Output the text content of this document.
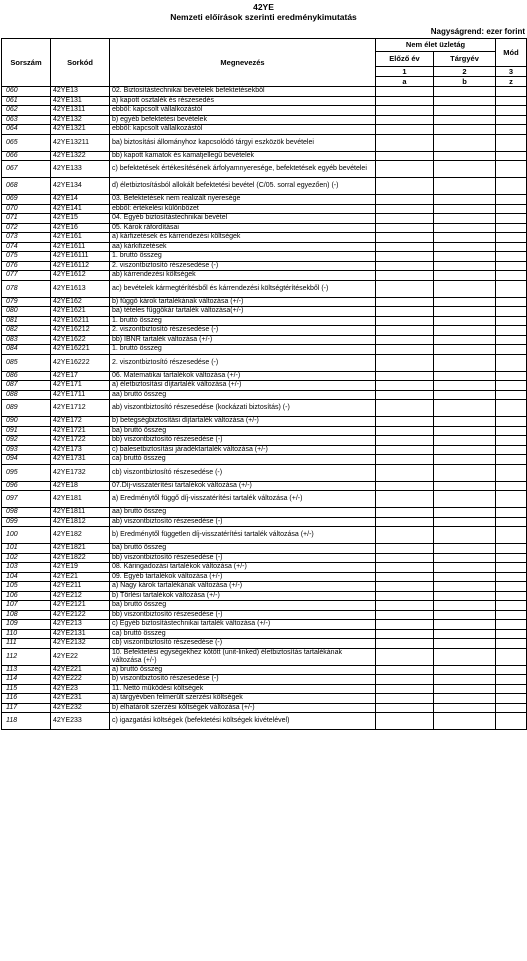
42YE
Nemzeti előírások szerinti eredménykimutatás
Nagyságrend: ezer forint
Sorszám	Sorkód	Megnevezés	Nem élet üzletág		Mód
			Előző év	Tárgyév	
			1	2	3
			a	b	z
060	42YE13	02. Biztosítástechnikai bevételek befektetésekből			
061	42YE131	a) kapott osztalék és részesedés			
062	42YE1311	ebből: kapcsolt vállalkozástól			
063	42YE132	b) egyéb befektetési bevételek			
064	42YE1321	ebből: kapcsolt vállalkozástól			
065	42YE13211	ba) biztosítási állományhoz kapcsolódó tárgyi eszközök bevételei			
066	42YE1322	bb) kapott kamatok és kamatjellegű bevételek			
067	42YE133	c) befektetések értékesítésének árfolyamnyeresége, befektetések egyéb bevételei			
068	42YE134	d) életbiztosításból allokált befektetési bevétel (C/05. sorral egyezően) (-)			
069	42YE14	03. Befektetések nem realizált nyeresége			
070	42YE141	ebből: értékelési különbözet			
071	42YE15	04. Egyéb biztosítástechnikai bevétel			
072	42YE16	05. Károk ráfordításai			
073	42YE161	a) kárfizetések és kárrendezési költségek			
074	42YE1611	aa) kárkifizetések			
075	42YE16111	1. bruttó összeg			
076	42YE16112	2. viszontbiztosító részesedése (-)			
077	42YE1612	ab) kárrendezési költségek			
078	42YE1613	ac) bevételek kármegtérítésből és kárrendezési költségtérítésekből (-)			
079	42YE162	b) függő károk tartalékának változása (+/-)			
080	42YE1621	ba) tételes függőkár tartalék változása(+/-)			
081	42YE16211	1. bruttó összeg			
082	42YE16212	2. viszontbiztosító részesedése (-)			
083	42YE1622	bb) IBNR tartalék változása (+/-)			
084	42YE16221	1. bruttó összeg			
085	42YE16222	2. viszontbiztosító részesedése (-)			
086	42YE17	06. Matematikai tartalékok változása (+/-)			
087	42YE171	a) életbiztosítási díjtartalék változása (+/-)			
088	42YE1711	aa) bruttó összeg			
089	42YE1712	ab) viszontbiztosító részesedése (kockázati biztosítás) (-)			
090	42YE172	b) betegségbiztosítási díjtartalék változása (+/-)			
091	42YE1721	ba) bruttó összeg			
092	42YE1722	bb) viszontbiztosító részesedése (-)			
093	42YE173	c) balesetbiztosítási járadéktartalék változása (+/-)			
094	42YE1731	ca) bruttó összeg			
095	42YE1732	cb) viszontbiztosító részesedése (-)			
096	42YE18	07.Díj-visszatérítési tartalékok változása (+/-)			
097	42YE181	a) Eredménytől függő díj-visszatérítési tartalék változása (+/-)			
098	42YE1811	aa) bruttó összeg			
099	42YE1812	ab) viszontbiztosító részesedése (-)			
100	42YE182	b) Eredménytől független díj-visszatérítési tartalék változása (+/-)			
101	42YE1821	ba) bruttó összeg			
102	42YE1822	bb) viszontbiztosító részesedése (-)			
103	42YE19	08. Káringadozási tartalékok változása (+/-)			
104	42YE21	09. Egyéb tartalékok változása (+/-)			
105	42YE211	a) Nagy károk tartalékának változása (+/-)			
106	42YE212	b) Törlési tartalékok változása (+/-)			
107	42YE2121	ba) bruttó összeg			
108	42YE2122	bb) viszontbiztosító részesedése (-)			
109	42YE213	c) Egyéb biztosítástechnikai tartalék változása (+/-)			
110	42YE2131	ca) bruttó összeg			
111	42YE2132	cb) viszontbiztosító részesedése (-)			
112	42YE22	10. Befektetési egységekhez kötött (unit-linked) életbiztosítás tartalékának változása (+/-)			
113	42YE221	a) bruttó összeg			
114	42YE222	b) viszontbiztosító részesedése (-)			
115	42YE23	11. Nettó működési költségek			
116	42YE231	a) tárgyévben felmerült szerzési költségek			
117	42YE232	b) elhatárolt szerzési költségek változása (+/-)			
118	42YE233	c) igazgatási költségek (befektetési költségek kivételével)			
